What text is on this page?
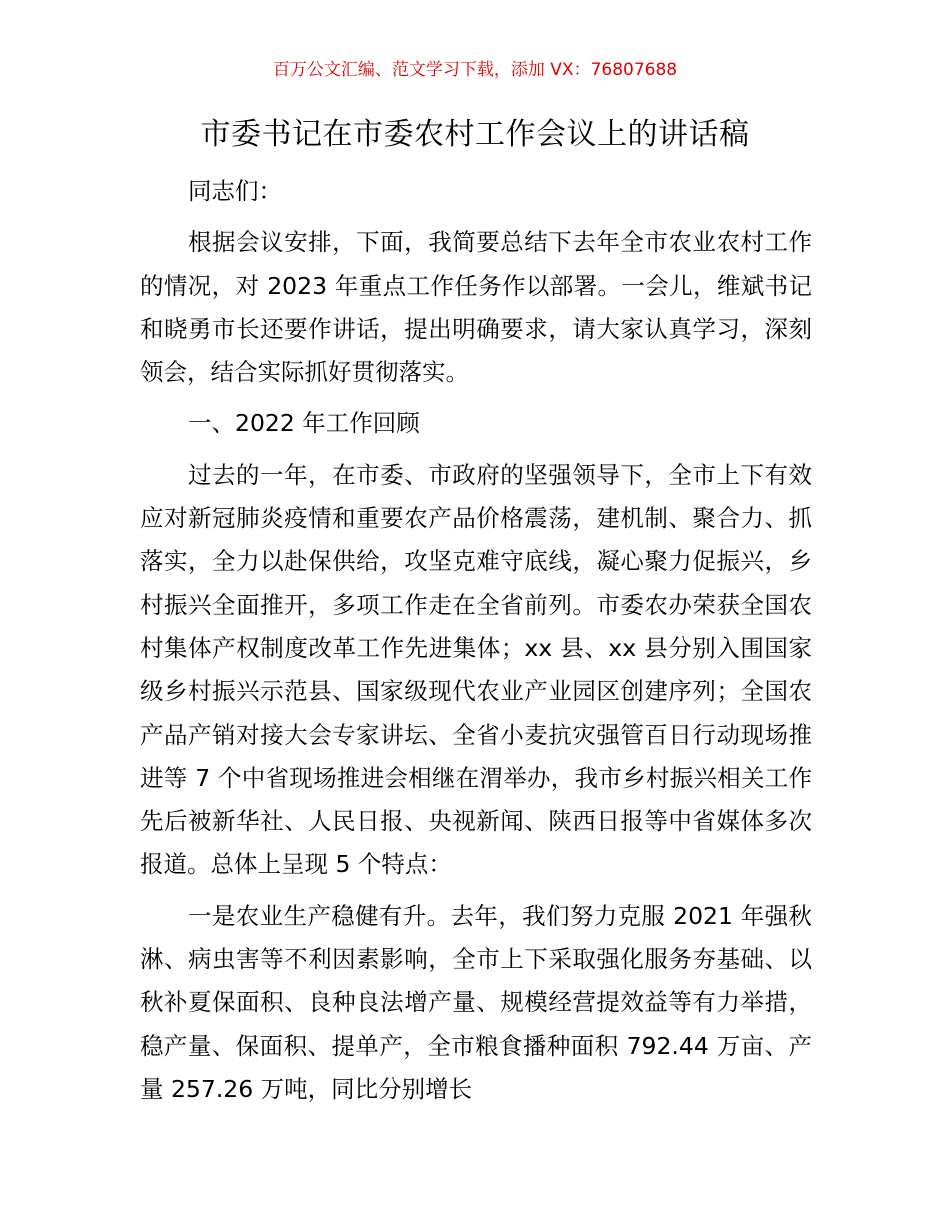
百万公文汇编、范文学习下载，添加 VX：76807688
市委书记在市委农村工作会议上的讲话稿

同志们：

根据会议安排，下面，我简要总结下去年全市农业农村工作的情况，对 2023 年重点工作任务作以部署。一会儿，维斌书记和晓勇市长还要作讲话，提出明确要求，请大家认真学习，深刻领会，结合实际抓好贯彻落实。

一、2022 年工作回顾

过去的一年，在市委、市政府的坚强领导下，全市上下有效应对新冠肺炎疫情和重要农产品价格震荡，建机制、聚合力、抓落实，全力以赴保供给，攻坚克难守底线，凝心聚力促振兴，乡村振兴全面推开，多项工作走在全省前列。市委农办荣获全国农村集体产权制度改革工作先进集体；xx 县、xx 县分别入围国家级乡村振兴示范县、国家级现代农业产业园区创建序列；全国农产品产销对接大会专家讲坛、全省小麦抗灾强管百日行动现场推进等 7 个中省现场推进会相继在渭举办，我市乡村振兴相关工作先后被新华社、人民日报、央视新闻、陕西日报等中省媒体多次报道。总体上呈现 5 个特点：

一是农业生产稳健有升。去年，我们努力克服 2021 年强秋淋、病虫害等不利因素影响，全市上下采取强化服务夯基础、以秋补夏保面积、良种良法增产量、规模经营提效益等有力举措，稳产量、保面积、提单产，全市粮食播种面积 792.44 万亩、产量 257.26 万吨，同比分别增长
